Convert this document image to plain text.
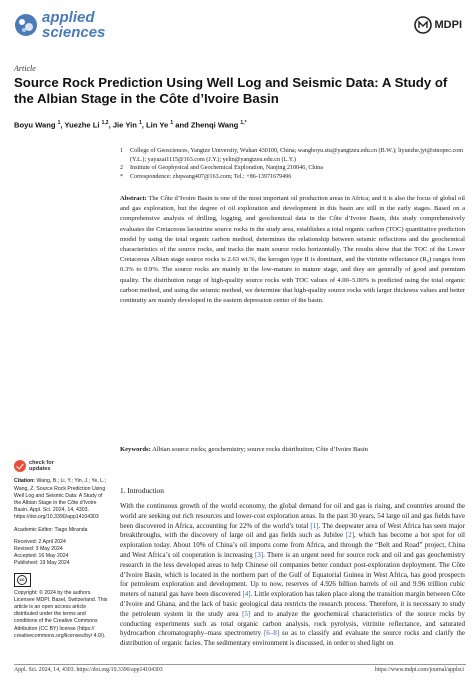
applied
sciences	MDPI
Article
Source Rock Prediction Using Well Log and Seismic Data: A Study of the Albian Stage in the Côte d’Ivoire Basin
Boyu Wang $^1$, Yuezhe Li $^{1,2}$, Jie Yin $^1$, Lin Ye $^1$ and Zhenqi Wang $^{1,*}$
1	College of Geosciences, Yangtze University, Wuhan 430100, China; wangboyu.stu@yangtzeu.edu.cn (B.W.); liyuezhe.jyt@sinopec.com (Y.L.); yayazai1115@163.com (J.Y.); yelin@yangtzeu.edu.cn (L.Y.)
2	Institute of Geophysical and Geochemical Exploration, Nanjing 210046, China
*	Correspondence: zhqwang407@163.com; Tel.: +86-13971679496
Abstract: The Côte d’Ivoire Basin is one of the most important oil production areas in Africa; and it is also the focus of global oil and gas exploration, but the degree of oil exploration and development in this basin are still in the early stages. Based on a comprehensive analysis of drilling, logging, and geochemical data in the Côte d’Ivoire Basin, this study comprehensively evaluates the Cretaceous lacustrine source rocks in the study area, establishes a total organic carbon (TOC) quantitative prediction model by using the total organic carbon method, determines the relationship between seismic reflections and the geochemical characteristics of the source rocks, and tracks the main source rocks horizontally. The results show that the TOC of the Lower Cretaceous Albian stage source rocks is 2.63 wt.%, the kerogen type II is dominant, and the vitrinite reflectance (R₀) ranges from 0.3% to 0.9%. The source rocks are mainly in the low-mature to mature stage, and they are generally of good and premium quality. The distribution range of high-quality source rocks with TOC values of 4.00–5.00% is predicted using the total organic carbon method, and using the seismic method, we determine that high-quality source rocks with larger thickness values and better continuity are mainly developed in the eastern depression center of the basin.
Keywords: Albian source rocks; geochemistry; source rocks distribution; Côte d’Ivoire Basin
check for
updates
Citation: Wang, B.; Li, Y.; Yin, J.; Ye, L.; Wang, Z. Source Rock Prediction Using Well Log and Seismic Data: A Study of the Albian Stage in the Côte d’Ivoire Basin. Appl. Sci. 2024, 14, 4303. https://doi.org/10.3390/app14104303
Academic Editor: Tiago Miranda
Received: 2 April 2024
Revised: 3 May 2024
Accepted: 16 May 2024
Published: 19 May 2024
cc
Copyright: © 2024 by the authors. Licensee MDPI, Basel, Switzerland. This article is an open access article distributed under the terms and conditions of the Creative Commons Attribution (CC BY) license (https:// creativecommons.org/licenses/by/ 4.0/).
1. Introduction
With the continuous growth of the world economy, the global demand for oil and gas is rising, and countries around the world are seeking out rich resources and lower-cost exploration areas. In the past 30 years, 54 large oil and gas fields have been discovered in Africa, accounting for 22% of the world’s total [1]. The deepwater area of West Africa has seen major breakthroughs, with the discovery of large oil and gas fields such as Jubilee [2], which has become a hot spot for oil exploration today. About 10% of China’s oil imports come from Africa, and through the “Belt and Road” project, China and West Africa’s oil cooperation is increasing [3]. There is an urgent need for source rock and oil and gas geochemistry research in the less developed areas to help Chinese oil companies better conduct post-exploration deployment. The Côte d’Ivoire Basin, which is located in the northern part of the Gulf of Equatorial Guinea in West Africa, has good prospects for petroleum exploration and development. Up to now, reserves of 4.926 billion barrels of oil and 9.96 trillion cubic meters of natural gas have been discovered [4]. Little exploration has taken place along the transition margin between Côte d’Ivoire and Ghana, and the lack of basic geological data restricts the research process. Therefore, it is necessary to study the petroleum system in the study area [5] and to analyze the geochemical characteristics of the source rocks by conducting experiments such as total organic carbon analysis, rock pyrolysis, vitrinite reflectance, and saturated hydrocarbon chromatography–mass spectrometry [6–8] so as to classify and evaluate the source rocks and clarify the distribution of organic facies. The sedimentary environment is discussed, in order to shed light on
Appl. Sci. 2024, 14, 4303. https://doi.org/10.3390/app14104303	https://www.mdpi.com/journal/applsci
